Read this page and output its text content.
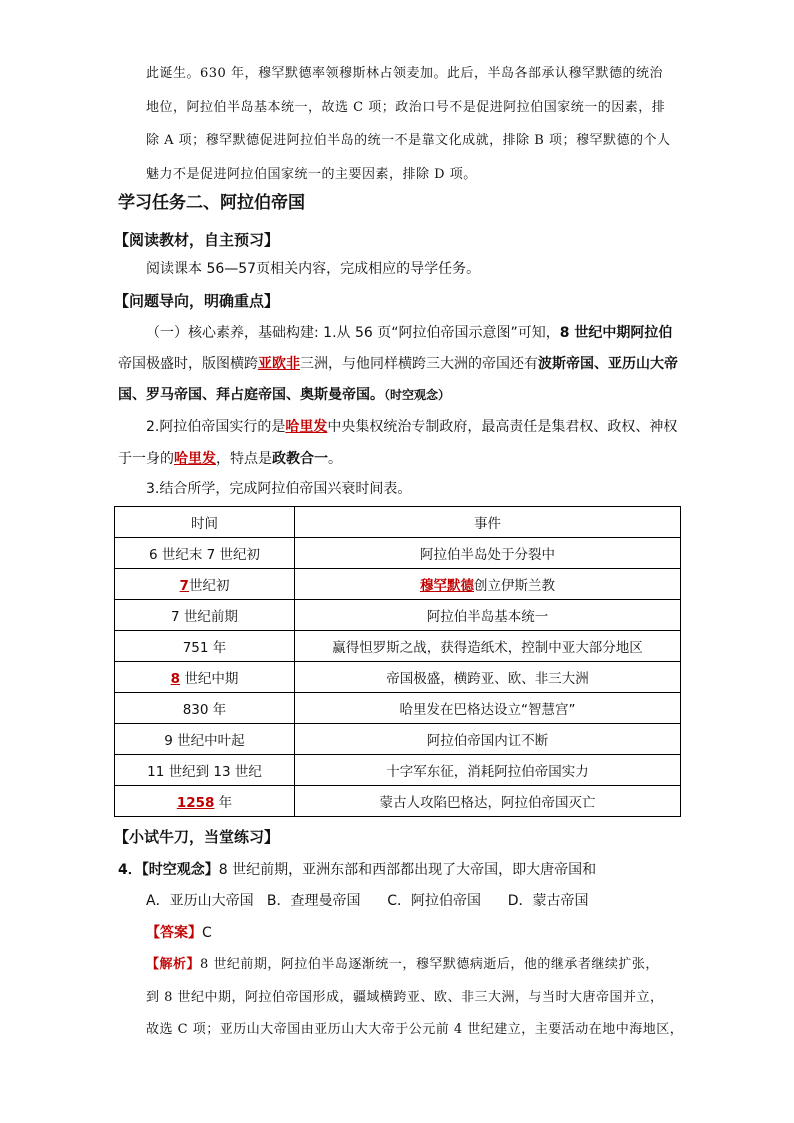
此诞生。630 年，穆罕默德率领穆斯林占领麦加。此后，半岛各部承认穆罕默德的统治
地位，阿拉伯半岛基本统一，故选 C 项；政治口号不是促进阿拉伯国家统一的因素，排
除 A 项；穆罕默德促进阿拉伯半岛的统一不是靠文化成就，排除 B 项；穆罕默德的个人
魅力不是促进阿拉伯国家统一的主要因素，排除 D 项。
学习任务二、阿拉伯帝国
【阅读教材，自主预习】
阅读课本 56—57页相关内容，完成相应的导学任务。
【问题导向，明确重点】
（一）核心素养，基础构建: 1.从 56 页“阿拉伯帝国示意图”可知，8 世纪中期阿拉伯
帝国极盛时，版图横跨亚欧非三洲，与他同样横跨三大洲的帝国还有波斯帝国、亚历山大帝
国、罗马帝国、拜占庭帝国、奥斯曼帝国。（时空观念）
2.阿拉伯帝国实行的是哈里发中央集权统治专制政府，最高责任是集君权、政权、神权
于一身的哈里发，特点是政教合一。
3.结合所学，完成阿拉伯帝国兴衰时间表。
时间	事件
6 世纪末 7 世纪初	阿拉伯半岛处于分裂中
7世纪初	穆罕默德创立伊斯兰教
7 世纪前期	阿拉伯半岛基本统一
751 年	赢得怛罗斯之战，获得造纸术，控制中亚大部分地区
8 世纪中期	帝国极盛，横跨亚、欧、非三大洲
830 年	哈里发在巴格达设立“智慧宫”
9 世纪中叶起	阿拉伯帝国内讧不断
11 世纪到 13 世纪	十字军东征，消耗阿拉伯帝国实力
1258 年	蒙古人攻陷巴格达，阿拉伯帝国灭亡
【小试牛刀，当堂练习】
4．【时空观念】8 世纪前期，亚洲东部和西部都出现了大帝国，即大唐帝国和
A．亚历山大帝国   B．查理曼帝国      C．阿拉伯帝国      D．蒙古帝国
【答案】C
【解析】8 世纪前期，阿拉伯半岛逐渐统一，穆罕默德病逝后，他的继承者继续扩张，
到 8 世纪中期，阿拉伯帝国形成，疆域横跨亚、欧、非三大洲，与当时大唐帝国并立，
故选 C 项；亚历山大帝国由亚历山大大帝于公元前 4 世纪建立，主要活动在地中海地区，
